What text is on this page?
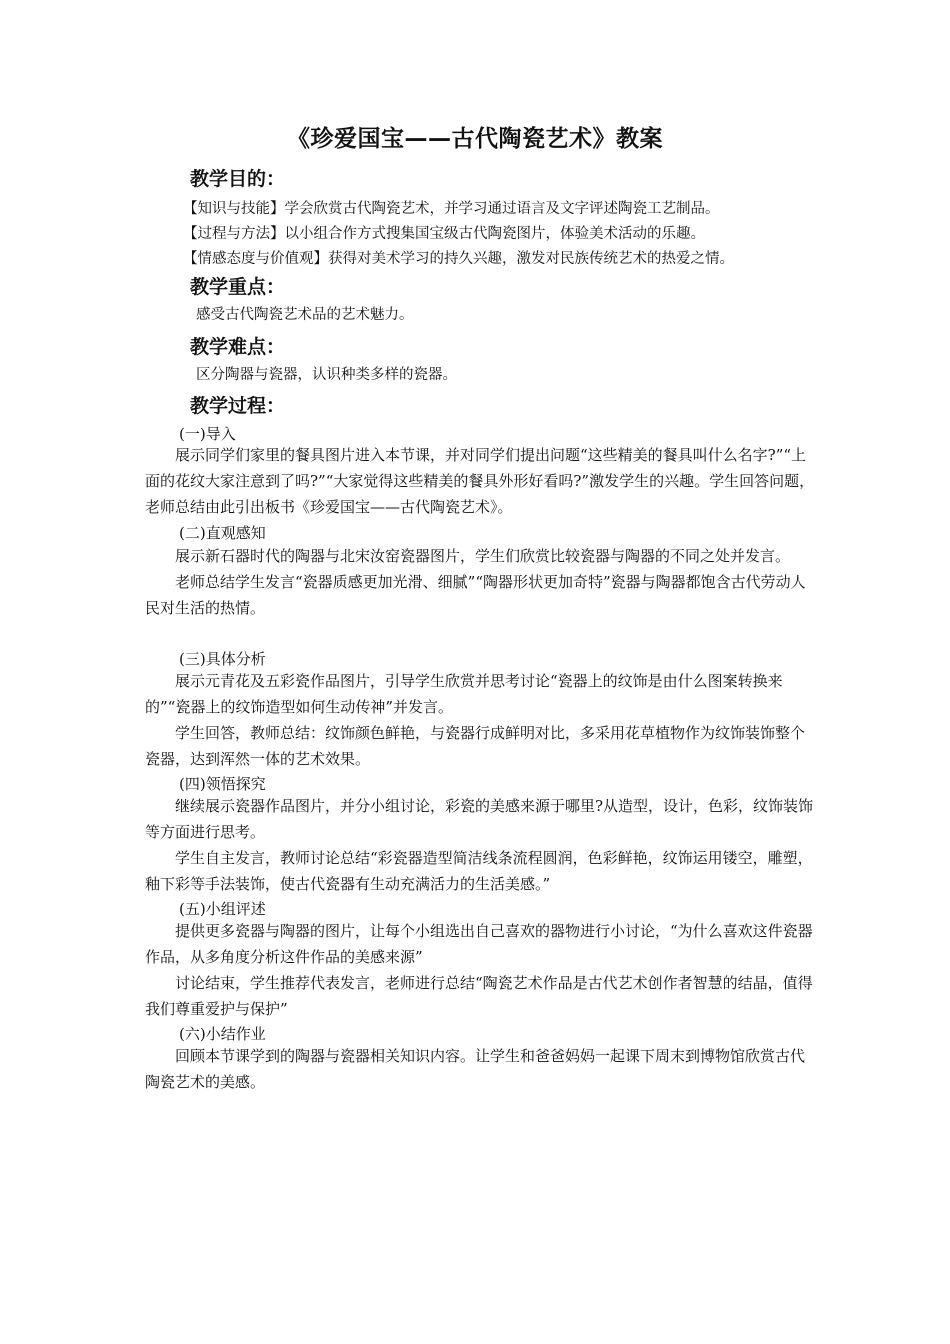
《珍爱国宝——古代陶瓷艺术》教案
教学目的：

【知识与技能】学会欣赏古代陶瓷艺术，并学习通过语言及文字评述陶瓷工艺制品。

【过程与方法】以小组合作方式搜集国宝级古代陶瓷图片，体验美术活动的乐趣。

【情感态度与价值观】获得对美术学习的持久兴趣，激发对民族传统艺术的热爱之情。

教学重点：

感受古代陶瓷艺术品的艺术魅力。

教学难点：

区分陶器与瓷器，认识种类多样的瓷器。

教学过程：

(一)导入

展示同学们家里的餐具图片进入本节课，并对同学们提出问题“这些精美的餐具叫什么名字?”“上面的花纹大家注意到了吗?”“大家觉得这些精美的餐具外形好看吗?”激发学生的兴趣。学生回答问题，老师总结由此引出板书《珍爱国宝——古代陶瓷艺术》。

(二)直观感知

展示新石器时代的陶器与北宋汝窑瓷器图片，学生们欣赏比较瓷器与陶器的不同之处并发言。

老师总结学生发言“瓷器质感更加光滑、细腻”“陶器形状更加奇特”瓷器与陶器都饱含古代劳动人民对生活的热情。

(三)具体分析

展示元青花及五彩瓷作品图片，引导学生欣赏并思考讨论“瓷器上的纹饰是由什么图案转换来的”“瓷器上的纹饰造型如何生动传神”并发言。

学生回答，教师总结：纹饰颜色鲜艳，与瓷器行成鲜明对比，多采用花草植物作为纹饰装饰整个瓷器，达到浑然一体的艺术效果。

(四)领悟探究

继续展示瓷器作品图片，并分小组讨论，彩瓷的美感来源于哪里?从造型，设计，色彩，纹饰装饰等方面进行思考。

学生自主发言，教师讨论总结“彩瓷器造型简洁线条流程圆润，色彩鲜艳，纹饰运用镂空，雕塑，釉下彩等手法装饰，使古代瓷器有生动充满活力的生活美感。”

(五)小组评述

提供更多瓷器与陶器的图片，让每个小组选出自己喜欢的器物进行小讨论，“为什么喜欢这件瓷器作品，从多角度分析这件作品的美感来源”

讨论结束，学生推荐代表发言，老师进行总结“陶瓷艺术作品是古代艺术创作者智慧的结晶，值得我们尊重爱护与保护”

(六)小结作业

回顾本节课学到的陶器与瓷器相关知识内容。让学生和爸爸妈妈一起课下周末到博物馆欣赏古代陶瓷艺术的美感。
